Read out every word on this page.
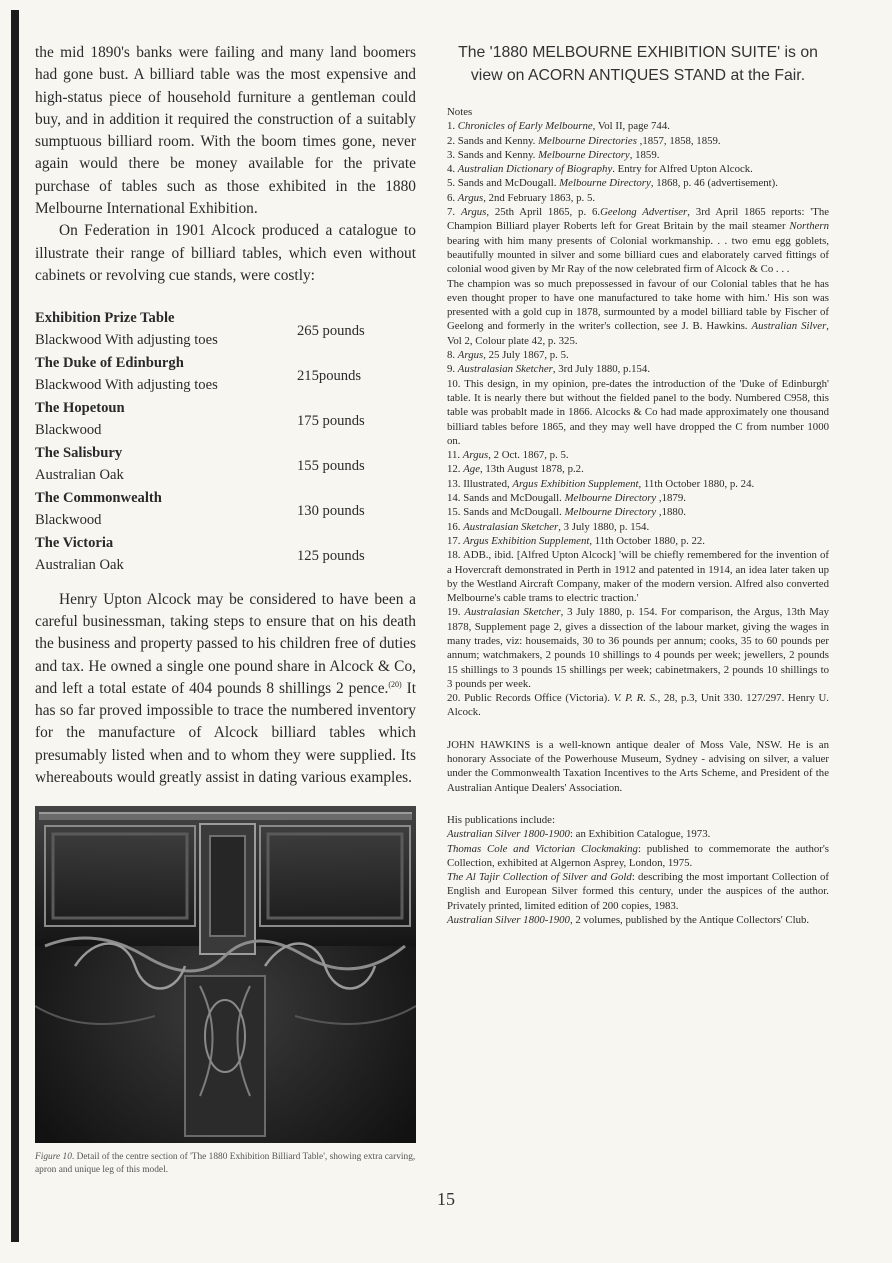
the mid 1890's banks were failing and many land boomers had gone bust. A billiard table was the most expensive and high-status piece of household furniture a gentleman could buy, and in addition it required the construction of a suitably sumptuous billiard room. With the boom times gone, never again would there be money available for the private purchase of tables such as those exhibited in the 1880 Melbourne International Exhibition.

On Federation in 1901 Alcock produced a catalogue to illustrate their range of billiard tables, which even without cabinets or revolving cue stands, were costly:

Exhibition Prize Table
Blackwood With adjusting toes
265 pounds
The Duke of Edinburgh
Blackwood With adjusting toes
215pounds
The Hopetoun
Blackwood
175 pounds
The Salisbury
Australian Oak
155 pounds
The Commonwealth
Blackwood
130 pounds
The Victoria
Australian Oak
125 pounds

Henry Upton Alcock may be considered to have been a careful businessman, taking steps to ensure that on his death the business and property passed to his children free of duties and tax. He owned a single one pound share in Alcock & Co, and left a total estate of 404 pounds 8 shillings 2 pence.$^{(20)}$ It has so far proved impossible to trace the numbered inventory for the manufacture of Alcock billiard tables which presumably listed when and to whom they were supplied. Its whereabouts would greatly assist in dating various examples.

Figure 10. Detail of the centre section of 'The 1880 Exhibition Billiard Table', showing extra carving, apron and unique leg of this model.

The '1880 MELBOURNE EXHIBITION SUITE' is on view on ACORN ANTIQUES STAND at the Fair.

Notes

1. Chronicles of Early Melbourne, Vol II, page 744.

2. Sands and Kenny. Melbourne Directories ,1857, 1858, 1859.

3. Sands and Kenny. Melbourne Directory, 1859.

4. Australian Dictionary of Biography. Entry for Alfred Upton Alcock.

5. Sands and McDougall. Melbourne Directory, 1868, p. 46 (advertisement).

6. Argus, 2nd February 1863, p. 5.

7. Argus, 25th April 1865, p. 6.Geelong Advertiser, 3rd April 1865 reports: 'The Champion Billiard player Roberts left for Great Britain by the mail steamer Northern bearing with him many presents of Colonial workmanship. . . two emu egg goblets, beautifully mounted in silver and some billiard cues and elaborately carved fittings of colonial wood given by Mr Ray of the now celebrated firm of Alcock & Co . . .

The champion was so much prepossessed in favour of our Colonial tables that he has even thought proper to have one manufactured to take home with him.' His son was presented with a gold cup in 1878, surmounted by a model billiard table by Fischer of Geelong and formerly in the writer's collection, see J. B. Hawkins. Australian Silver, Vol 2, Colour plate 42, p. 325.

8. Argus, 25 July 1867, p. 5.

9. Australasian Sketcher, 3rd July 1880, p.154.

10. This design, in my opinion, pre-dates the introduction of the 'Duke of Edinburgh' table. It is nearly there but without the fielded panel to the body. Numbered C958, this table was probablt made in 1866. Alcocks & Co had made approximately one thousand billiard tables before 1865, and they may well have dropped the C from number 1000 on.

11. Argus, 2 Oct. 1867, p. 5.

12. Age, 13th August 1878, p.2.

13. Illustrated, Argus Exhibition Supplement, 11th October 1880, p. 24.

14. Sands and McDougall. Melbourne Directory ,1879.

15. Sands and McDougall. Melbourne Directory ,1880.

16. Australasian Sketcher, 3 July 1880, p. 154.

17. Argus Exhibition Supplement, 11th October 1880, p. 22.

18. ADB., ibid. [Alfred Upton Alcock] 'will be chiefly remembered for the invention of a Hovercraft demonstrated in Perth in 1912 and patented in 1914, an idea later taken up by the Westland Aircraft Company, maker of the modern version. Alfred also converted Melbourne's cable trams to electric traction.'

19. Australasian Sketcher, 3 July 1880, p. 154. For comparison, the Argus, 13th May 1878, Supplement page 2, gives a dissection of the labour market, giving the wages in many trades, viz: housemaids, 30 to 36 pounds per annum; cooks, 35 to 60 pounds per annum; watchmakers, 2 pounds 10 shillings to 4 pounds per week; jewellers, 2 pounds 15 shillings to 3 pounds 15 shillings per week; cabinetmakers, 2 pounds 10 shillings to 3 pounds per week.

20. Public Records Office (Victoria). V. P. R. S., 28, p.3, Unit 330. 127/297. Henry U. Alcock.

JOHN HAWKINS is a well-known antique dealer of Moss Vale, NSW. He is an honorary Associate of the Powerhouse Museum, Sydney - advising on silver, a valuer under the Commonwealth Taxation Incentives to the Arts Scheme, and President of the Australian Antique Dealers' Association.

His publications include:

Australian Silver 1800-1900: an Exhibition Catalogue, 1973.

Thomas Cole and Victorian Clockmaking: published to commemorate the author's Collection, exhibited at Algernon Asprey, London, 1975.

The Al Tajir Collection of Silver and Gold: describing the most important Collection of English and European Silver formed this century, under the auspices of the author. Privately printed, limited edition of 200 copies, 1983.

Australian Silver 1800-1900, 2 volumes, published by the Antique Collectors' Club.

15
